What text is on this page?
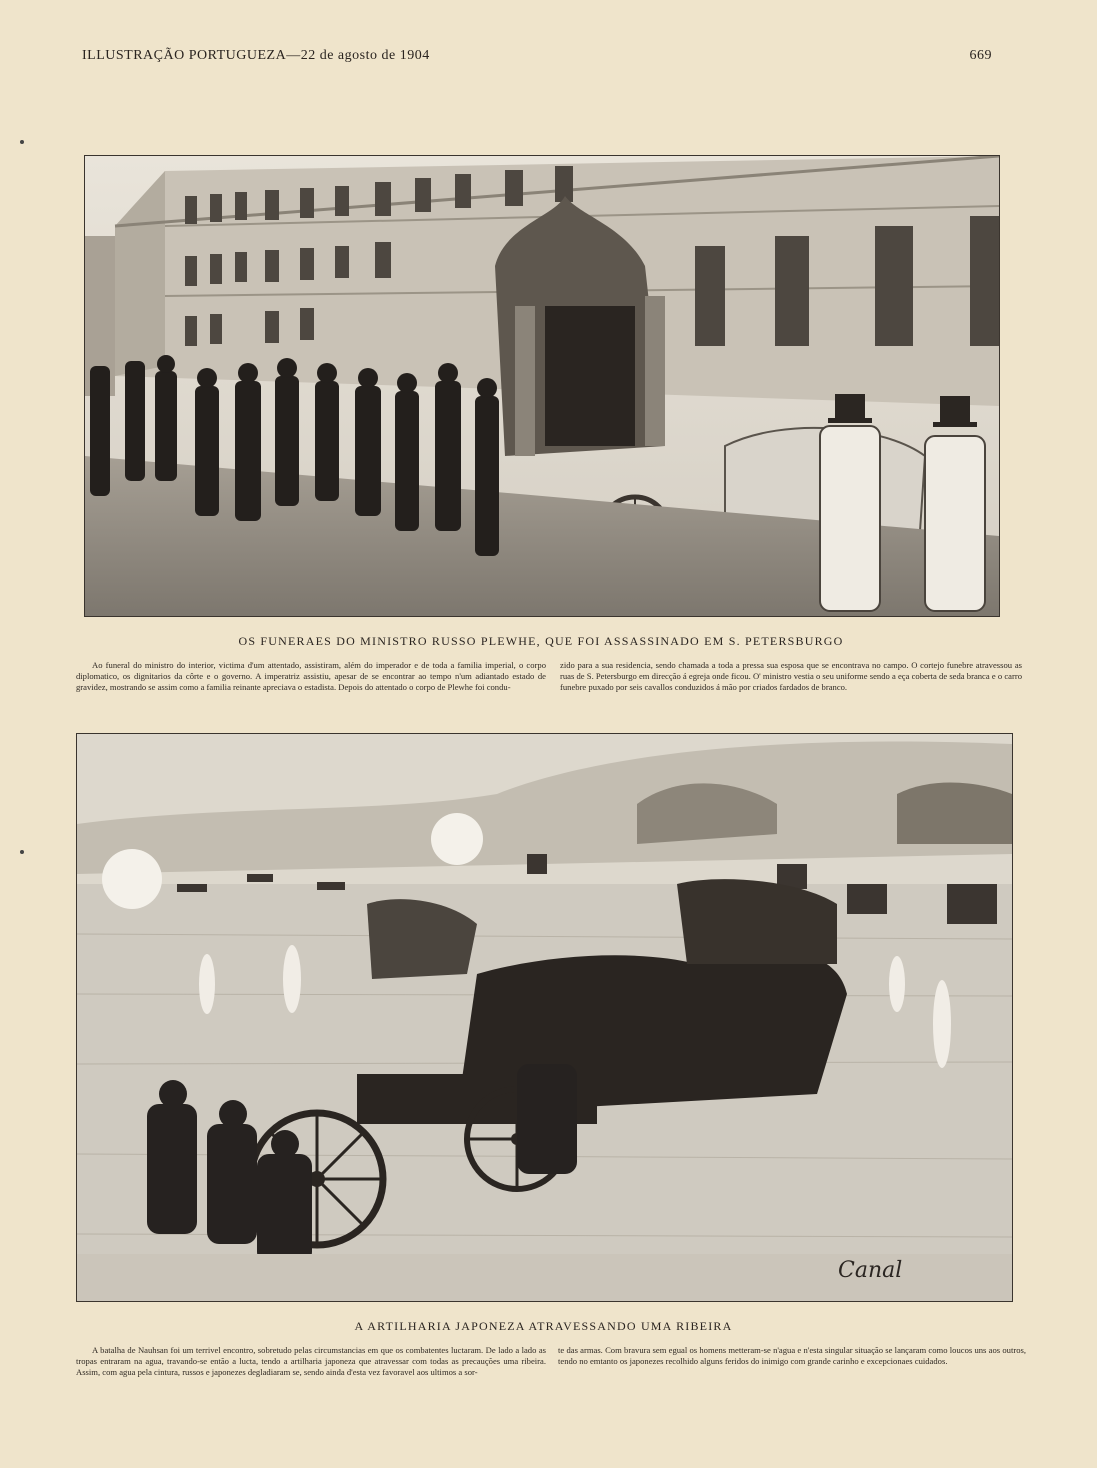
ILLUSTRAÇÃO PORTUGUEZA—22 de agosto de 1904	669
OS FUNERAES DO MINISTRO RUSSO PLEWHE, QUE FOI ASSASSINADO EM S. PETERSBURGO
Ao funeral do ministro do interior, victima d'um attentado, assistiram, além do imperador e de toda a familia imperial, o corpo diplomatico, os dignitarios da côrte e o governo. A imperatriz assistiu, apesar de se encontrar ao tempo n'um adiantado estado de gravidez, mostrando se assim como a familia reinante apreciava o estadista. Depois do attentado o corpo de Plewhe foi condu-
zido para a sua residencia, sendo chamada a toda a pressa sua esposa que se encontrava no campo. O cortejo funebre atravessou as ruas de S. Petersburgo em direcção á egreja onde ficou. O' ministro vestia o seu uniforme sendo a eça coberta de seda branca e o carro funebre puxado por seis cavallos conduzidos á mão por criados fardados de branco.
Canal
A ARTILHARIA JAPONEZA ATRAVESSANDO UMA RIBEIRA
A batalha de Nauhsan foi um terrivel encontro, sobretudo pelas circumstancias em que os combatentes luctaram. De lado a lado as tropas entraram na agua, travando-se então a lucta, tendo a artilharia japoneza que atravessar com todas as precauções uma ribeira. Assim, com agua pela cintura, russos e japonezes degladiaram se, sendo ainda d'esta vez favoravel aos ultimos a sor-
te das armas. Com bravura sem egual os homens metteram-se n'agua e n'esta singular situação se lançaram como loucos uns aos outros, tendo no emtanto os japonezes recolhido alguns feridos do inimigo com grande carinho e excepcionaes cuidados.
